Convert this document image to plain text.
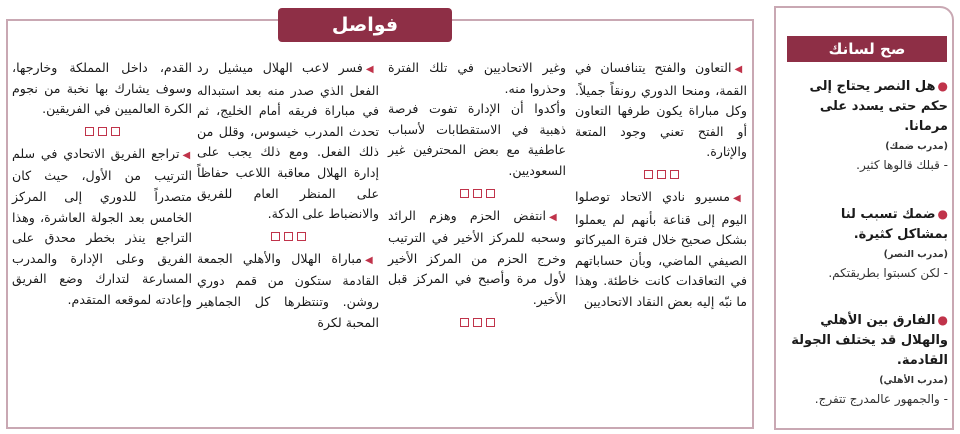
فواصل

◀التعاون والفتح يتنافسان في القمة، ومنحا الدوري رونقاً جميلاً. وكل مباراة يكون طرفها التعاون أو الفتح تعني وجود المتعة والإثارة.

◀مسيرو نادي الاتحاد توصلوا اليوم إلى قناعة بأنهم لم يعملوا بشكل صحيح خلال فترة الميركاتو الصيفي الماضي، وبأن حساباتهم في التعاقدات كانت خاطئة. وهذا ما نبّه إليه بعض النقاد الاتحاديين

وغير الاتحاديين في تلك الفترة وحذروا منه.

وأكدوا أن الإدارة تفوت فرصة ذهبية في الاستقطابات لأسباب عاطفية مع بعض المحترفين غير السعوديين.

◀انتفض الحزم وهزم الرائد وسحبه للمركز الأخير في الترتيب وخرج الحزم من المركز الأخير لأول مرة وأصبح في المركز قبل الأخير.

◀فسر لاعب الهلال ميشيل رد الفعل الذي صدر منه بعد استبداله في مباراة فريقه أمام الخليج، ثم تحدث المدرب خيسوس، وقلل من ذلك الفعل. ومع ذلك يجب على إدارة الهلال معاقبة اللاعب حفاظاً على المنظر العام للفريق والانضباط على الدكة.

◀مباراة الهلال والأهلي الجمعة القادمة ستكون من قمم دوري روشن. وتنتظرها كل الجماهير المحبة لكرة

القدم، داخل المملكة وخارجها، وسوف يشارك بها نخبة من نجوم الكرة العالميين في الفريقين.

◀تراجع الفريق الاتحادي في سلم الترتيب من الأول، حيث كان متصدراً للدوري إلى المركز الخامس بعد الجولة العاشرة، وهذا التراجع ينذر بخطر محدق على الفريق وعلى الإدارة والمدرب المسارعة لتدارك وضع الفريق وإعادته لموقعه المتقدم.

صح لسانك

●هل النصر يحتاج إلى حكم حتى يسدد على مرمانا.

(مدرب ضمك)

- قبلك قالوها كثير.

●ضمك تسبب لنا بمشاكل كثيرة.

(مدرب النصر)

- لكن كسبتوا بطريقتكم.

●الفارق بين الأهلي والهلال قد يختلف الجولة القادمة.

(مدرب الأهلي)

- والجمهور عالمدرج تتفرج.
